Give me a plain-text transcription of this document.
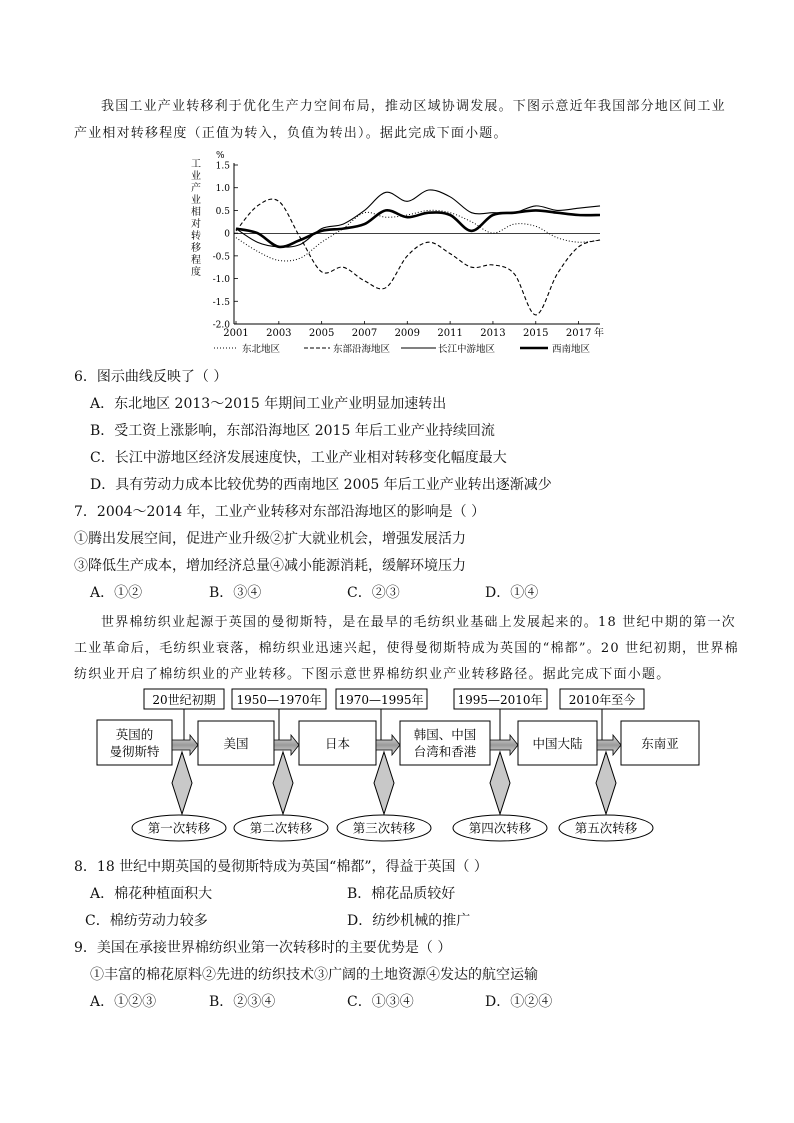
我国工业产业转移利于优化生产力空间布局，推动区域协调发展。下图示意近年我国部分地区间工业
产业相对转移程度（正值为转入，负值为转出）。据此完成下面小题。
工
业
产
业
相
对
转
移
程
度
%
1.5
1.0
0.5
0
-0.5
-1.0
-1.5
-2.0
2001 2003 2005 2007 2009 2011 2013 2015 2017 年
东北地区	东部沿海地区	长江中游地区	西南地区
6．图示曲线反映了（ ）
A．东北地区 2013～2015 年期间工业产业明显加速转出
B．受工资上涨影响，东部沿海地区 2015 年后工业产业持续回流
C．长江中游地区经济发展速度快，工业产业相对转移变化幅度最大
D．具有劳动力成本比较优势的西南地区 2005 年后工业产业转出逐渐减少
7．2004～2014 年，工业产业转移对东部沿海地区的影响是（ ）
①腾出发展空间，促进产业升级②扩大就业机会，增强发展活力
③降低生产成本，增加经济总量④减小能源消耗，缓解环境压力
A．①②	B．③④	C．②③	D．①④
世界棉纺织业起源于英国的曼彻斯特，是在最早的毛纺织业基础上发展起来的。18 世纪中期的第一次
工业革命后，毛纺织业衰落，棉纺织业迅速兴起，使得曼彻斯特成为英国的“棉都”。20 世纪初期，世界棉
纺织业开启了棉纺织业的产业转移。下图示意世界棉纺织业产业转移路径。据此完成下面小题。
20世纪初期 1950—1970年 1970—1995年	1995—2010年 2010年至今
英国的
曼彻斯特
美国	日本
韩国、中国
台湾和香港
中国大陆	东南亚
第一次转移	第二次转移	第三次转移	第四次转移	第五次转移
8．18 世纪中期英国的曼彻斯特成为英国“棉都”，得益于英国（ ）
A．棉花种植面积大	B．棉花品质较好
C．棉纺劳动力较多	D．纺纱机械的推广
9．美国在承接世界棉纺织业第一次转移时的主要优势是（ ）
①丰富的棉花原料②先进的纺织技术③广阔的土地资源④发达的航空运输
A．①②③	B．②③④	C．①③④	D．①②④
